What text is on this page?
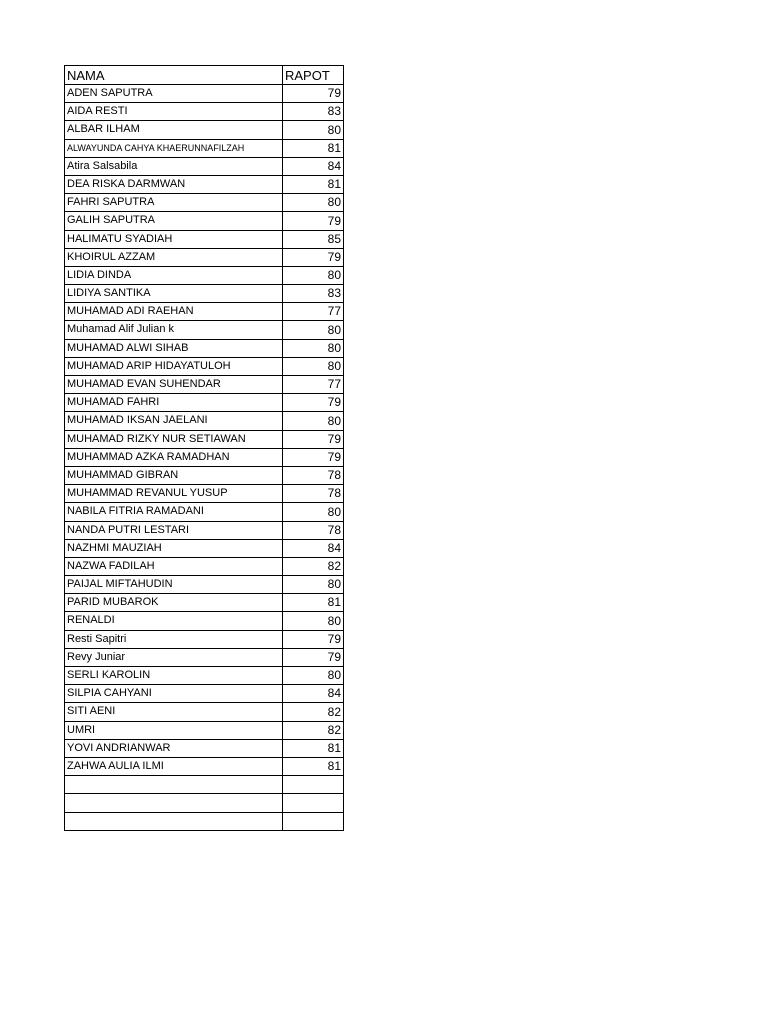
NAMA	RAPOT
ADEN SAPUTRA	79
AIDA RESTI	83
ALBAR ILHAM	80
ALWAYUNDA CAHYA KHAERUNNAFILZAH	81
Atira Salsabila	84
DEA RISKA DARMWAN	81
FAHRI SAPUTRA	80
GALIH SAPUTRA	79
HALIMATU SYADIAH	85
KHOIRUL AZZAM	79
LIDIA DINDA	80
LIDIYA SANTIKA	83
MUHAMAD ADI RAEHAN	77
Muhamad Alif Julian k	80
MUHAMAD ALWI SIHAB	80
MUHAMAD ARIP HIDAYATULOH	80
MUHAMAD EVAN SUHENDAR	77
MUHAMAD FAHRI	79
MUHAMAD IKSAN JAELANI	80
MUHAMAD RIZKY NUR SETIAWAN	79
MUHAMMAD AZKA RAMADHAN	79
MUHAMMAD GIBRAN	78
MUHAMMAD REVANUL YUSUP	78
NABILA FITRIA RAMADANI	80
NANDA PUTRI LESTARI	78
NAZHMI MAUZIAH	84
NAZWA FADILAH	82
PAIJAL MIFTAHUDIN	80
PARID MUBAROK	81
RENALDI	80
Resti Sapitri	79
Revy Juniar	79
SERLI KAROLIN	80
SILPIA CAHYANI	84
SITI AENI	82
UMRI	82
YOVI ANDRIANWAR	81
ZAHWA AULIA ILMI	81
